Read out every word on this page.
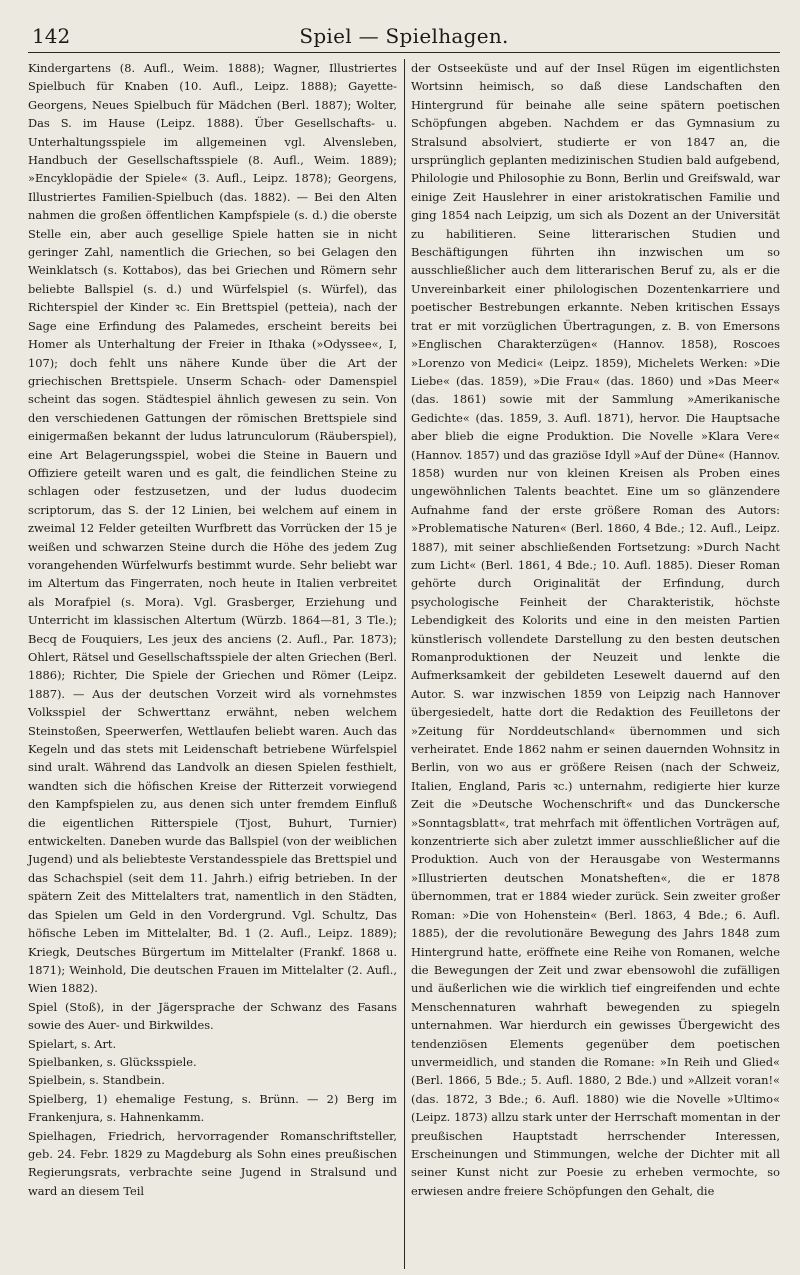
142	Spiel — Spielhagen.

Kindergartens (8. Aufl., Weim. 1888); Wagner, Illustriertes Spielbuch für Knaben (10. Aufl., Leipz. 1888); Gayette-Georgens, Neues Spielbuch für Mädchen (Berl. 1887); Wolter, Das S. im Hause (Leipz. 1888). Über Gesellschafts- u. Unterhaltungsspiele im allgemeinen vgl. Alvensleben, Handbuch der Gesellschaftsspiele (8. Aufl., Weim. 1889); »Encyklopädie der Spiele« (3. Aufl., Leipz. 1878); Georgens, Illustriertes Familien-Spielbuch (das. 1882). — Bei den Alten nahmen die großen öffentlichen Kampfspiele (s. d.) die oberste Stelle ein, aber auch gesellige Spiele hatten sie in nicht geringer Zahl, namentlich die Griechen, so bei Gelagen den Weinklatsch (s. Kottabos), das bei Griechen und Römern sehr beliebte Ballspiel (s. d.) und Würfelspiel (s. Würfel), das Richterspiel der Kinder ꝛc. Ein Brettspiel (petteia), nach der Sage eine Erfindung des Palamedes, erscheint bereits bei Homer als Unterhaltung der Freier in Ithaka (»Odyssee«, I, 107); doch fehlt uns nähere Kunde über die Art der griechischen Brettspiele. Unserm Schach- oder Damenspiel scheint das sogen. Städtespiel ähnlich gewesen zu sein. Von den verschiedenen Gattungen der römischen Brettspiele sind einigermaßen bekannt der ludus latrunculorum (Räuberspiel), eine Art Belagerungsspiel, wobei die Steine in Bauern und Offiziere geteilt waren und es galt, die feindlichen Steine zu schlagen oder festzusetzen, und der ludus duodecim scriptorum, das S. der 12 Linien, bei welchem auf einem in zweimal 12 Felder geteilten Wurfbrett das Vorrücken der 15 je weißen und schwarzen Steine durch die Höhe des jedem Zug vorangehenden Würfelwurfs bestimmt wurde. Sehr beliebt war im Altertum das Fingerraten, noch heute in Italien verbreitet als Morafpiel (s. Mora). Vgl. Grasberger, Erziehung und Unterricht im klassischen Altertum (Würzb. 1864—81, 3 Tle.); Becq de Fouquiers, Les jeux des anciens (2. Aufl., Par. 1873); Ohlert, Rätsel und Gesellschaftsspiele der alten Griechen (Berl. 1886); Richter, Die Spiele der Griechen und Römer (Leipz. 1887). — Aus der deutschen Vorzeit wird als vornehmstes Volksspiel der Schwerttanz erwähnt, neben welchem Steinstoßen, Speerwerfen, Wettlaufen beliebt waren. Auch das Kegeln und das stets mit Leidenschaft betriebene Würfelspiel sind uralt. Während das Landvolk an diesen Spielen festhielt, wandten sich die höfischen Kreise der Ritterzeit vorwiegend den Kampfspielen zu, aus denen sich unter fremdem Einfluß die eigentlichen Ritterspiele (Tjost, Buhurt, Turnier) entwickelten. Daneben wurde das Ballspiel (von der weiblichen Jugend) und als beliebteste Verstandesspiele das Brettspiel und das Schachspiel (seit dem 11. Jahrh.) eifrig betrieben. In der spätern Zeit des Mittelalters trat, namentlich in den Städten, das Spielen um Geld in den Vordergrund. Vgl. Schultz, Das höfische Leben im Mittelalter, Bd. 1 (2. Aufl., Leipz. 1889); Kriegk, Deutsches Bürgertum im Mittelalter (Frankf. 1868 u. 1871); Weinhold, Die deutschen Frauen im Mittelalter (2. Aufl., Wien 1882).

Spiel (Stoß), in der Jägersprache der Schwanz des Fasans sowie des Auer- und Birkwildes.

Spielart, s. Art.

Spielbanken, s. Glücksspiele.

Spielbein, s. Standbein.

Spielberg, 1) ehemalige Festung, s. Brünn. — 2) Berg im Frankenjura, s. Hahnenkamm.

Spielhagen, Friedrich, hervorragender Romanschriftsteller, geb. 24. Febr. 1829 zu Magdeburg als Sohn eines preußischen Regierungsrats, verbrachte seine Jugend in Stralsund und ward an diesem Teil

der Ostseeküste und auf der Insel Rügen im eigentlichsten Wortsinn heimisch, so daß diese Landschaften den Hintergrund für beinahe alle seine spätern poetischen Schöpfungen abgeben. Nachdem er das Gymnasium zu Stralsund absolviert, studierte er von 1847 an, die ursprünglich geplanten medizinischen Studien bald aufgebend, Philologie und Philosophie zu Bonn, Berlin und Greifswald, war einige Zeit Hauslehrer in einer aristokratischen Familie und ging 1854 nach Leipzig, um sich als Dozent an der Universität zu habilitieren. Seine litterarischen Studien und Beschäftigungen führten ihn inzwischen um so ausschließlicher auch dem litterarischen Beruf zu, als er die Unvereinbarkeit einer philologischen Dozentenkarriere und poetischer Bestrebungen erkannte. Neben kritischen Essays trat er mit vorzüglichen Übertragungen, z. B. von Emersons »Englischen Charakterzügen« (Hannov. 1858), Roscoes »Lorenzo von Medici« (Leipz. 1859), Michelets Werken: »Die Liebe« (das. 1859), »Die Frau« (das. 1860) und »Das Meer« (das. 1861) sowie mit der Sammlung »Amerikanische Gedichte« (das. 1859, 3. Aufl. 1871), hervor. Die Hauptsache aber blieb die eigne Produktion. Die Novelle »Klara Vere« (Hannov. 1857) und das graziöse Idyll »Auf der Düne« (Hannov. 1858) wurden nur von kleinen Kreisen als Proben eines ungewöhnlichen Talents beachtet. Eine um so glänzendere Aufnahme fand der erste größere Roman des Autors: »Problematische Naturen« (Berl. 1860, 4 Bde.; 12. Aufl., Leipz. 1887), mit seiner abschließenden Fortsetzung: »Durch Nacht zum Licht« (Berl. 1861, 4 Bde.; 10. Aufl. 1885). Dieser Roman gehörte durch Originalität der Erfindung, durch psychologische Feinheit der Charakteristik, höchste Lebendigkeit des Kolorits und eine in den meisten Partien künstlerisch vollendete Darstellung zu den besten deutschen Romanproduktionen der Neuzeit und lenkte die Aufmerksamkeit der gebildeten Lesewelt dauernd auf den Autor. S. war inzwischen 1859 von Leipzig nach Hannover übergesiedelt, hatte dort die Redaktion des Feuilletons der »Zeitung für Norddeutschland« übernommen und sich verheiratet. Ende 1862 nahm er seinen dauernden Wohnsitz in Berlin, von wo aus er größere Reisen (nach der Schweiz, Italien, England, Paris ꝛc.) unternahm, redigierte hier kurze Zeit die »Deutsche Wochenschrift« und das Dunckersche »Sonntagsblatt«, trat mehrfach mit öffentlichen Vorträgen auf, konzentrierte sich aber zuletzt immer ausschließlicher auf die Produktion. Auch von der Herausgabe von Westermanns »Illustrierten deutschen Monatsheften«, die er 1878 übernommen, trat er 1884 wieder zurück. Sein zweiter großer Roman: »Die von Hohenstein« (Berl. 1863, 4 Bde.; 6. Aufl. 1885), der die revolutionäre Bewegung des Jahrs 1848 zum Hintergrund hatte, eröffnete eine Reihe von Romanen, welche die Bewegungen der Zeit und zwar ebensowohl die zufälligen und äußerlichen wie die wirklich tief eingreifenden und echte Menschennaturen wahrhaft bewegenden zu spiegeln unternahmen. War hierdurch ein gewisses Übergewicht des tendenziösen Elements gegenüber dem poetischen unvermeidlich, und standen die Romane: »In Reih und Glied« (Berl. 1866, 5 Bde.; 5. Aufl. 1880, 2 Bde.) und »Allzeit voran!« (das. 1872, 3 Bde.; 6. Aufl. 1880) wie die Novelle »Ultimo« (Leipz. 1873) allzu stark unter der Herrschaft momentan in der preußischen Hauptstadt herrschender Interessen, Erscheinungen und Stimmungen, welche der Dichter mit all seiner Kunst nicht zur Poesie zu erheben vermochte, so erwiesen andre freiere Schöpfungen den Gehalt, die
